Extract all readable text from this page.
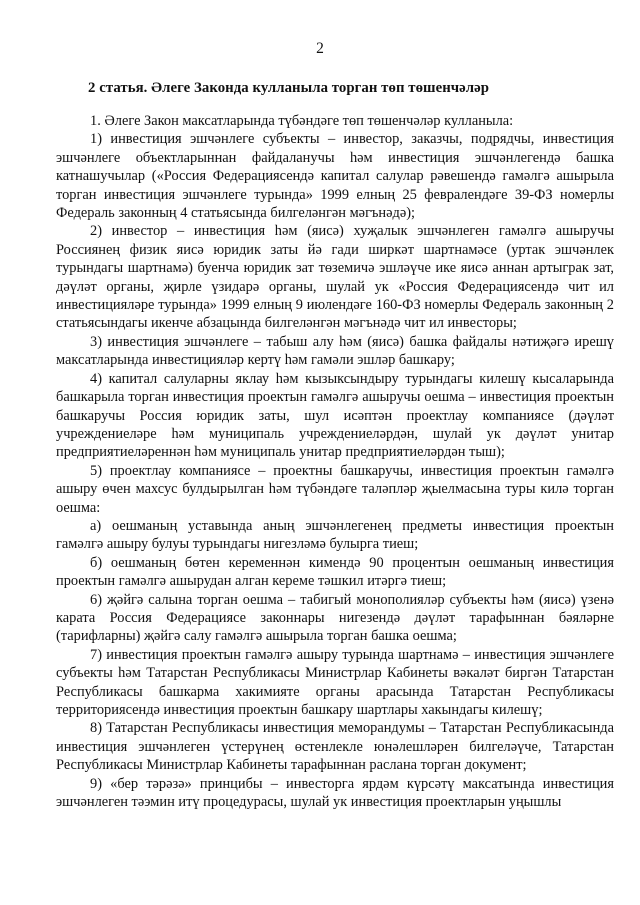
2
2 статья. Әлеге Законда кулланыла торган төп төшенчәләр

1. Әлеге Закон максатларында түбәндәге төп төшенчәләр кулланыла:

1) инвестиция эшчәнлеге субъекты – инвестор, заказчы, подрядчы, инвестиция эшчәнлеге объектларыннан файдаланучы һәм инвестиция эшчәнлегендә башка катнашучылар («Россия Федерациясендә капитал салулар рәвешендә гамәлгә ашырыла торган инвестиция эшчәнлеге турында» 1999 елның 25 февралендәге 39-ФЗ номерлы Федераль законның 4 статьясында билгеләнгән мәгънәдә);

2) инвестор – инвестиция һәм (яисә) хуҗалык эшчәнлеген гамәлгә ашыручы Россиянең физик яисә юридик заты йә гади ширкәт шартнамәсе (уртак эшчәнлек турындагы шартнамә) буенча юридик зат төземичә эшләүче ике яисә аннан артыграк зат, дәүләт органы, җирле үзидарә органы, шулай ук «Россия Федерациясендә чит ил инвестицияләре турында» 1999 елның 9 июлендәге 160-ФЗ номерлы Федераль законның 2 статьясындагы икенче абзацында билгеләнгән мәгънәдә чит ил инвесторы;

3) инвестиция эшчәнлеге – табыш алу һәм (яисә) башка файдалы нәтиҗәгә ирешү максатларында инвестицияләр кертү һәм гамәли эшләр башкару;

4) капитал салуларны яклау һәм кызыксындыру турындагы килешү кысаларында башкарыла торган инвестиция проектын гамәлгә ашыручы оешма – инвестиция проектын башкаручы Россия юридик заты, шул исәптән проектлау компаниясе (дәүләт учреждениеләре һәм муниципаль учреждениеләрдән, шулай ук дәүләт унитар предприятиеләреннән һәм муниципаль унитар предприятиеләрдән тыш);

5) проектлау компаниясе – проектны башкаручы, инвестиция проектын гамәлгә ашыру өчен махсус булдырылган һәм түбәндәге таләпләр җыелмасына туры килә торган оешма:

а) оешманың уставында аның эшчәнлегенең предметы инвестиция проектын гамәлгә ашыру булуы турындагы нигезләмә булырга тиеш;

б) оешманың бөтен кеременнән кимендә 90 процентын оешманың инвестиция проектын гамәлгә ашырудан алган кереме тәшкил итәргә тиеш;

6) җәйгә салына торган оешма – табигый монополияләр субъекты һәм (яисә) үзенә карата Россия Федерациясе законнары нигезендә дәүләт тарафыннан бәяләрне (тарифларны) җәйгә салу гамәлгә ашырыла торган башка оешма;

7) инвестиция проектын гамәлгә ашыру турында шартнамә – инвестиция эшчәнлеге субъекты һәм Татарстан Республикасы Министрлар Кабинеты вәкаләт биргән Татарстан Республикасы башкарма хакимияте органы арасында Татарстан Республикасы территориясендә инвестиция проектын башкару шартлары хакындагы килешү;

8) Татарстан Республикасы инвестиция меморандумы – Татарстан Республикасында инвестиция эшчәнлеген үстерүнең өстенлекле юнәлешләрен билгеләүче, Татарстан Республикасы Министрлар Кабинеты тарафыннан раслана торган документ;

9) «бер тәрәзә» принцибы – инвесторга ярдәм күрсәтү максатында инвестиция эшчәнлеген тәэмин итү процедурасы, шулай ук инвестиция проектларын уңышлы
